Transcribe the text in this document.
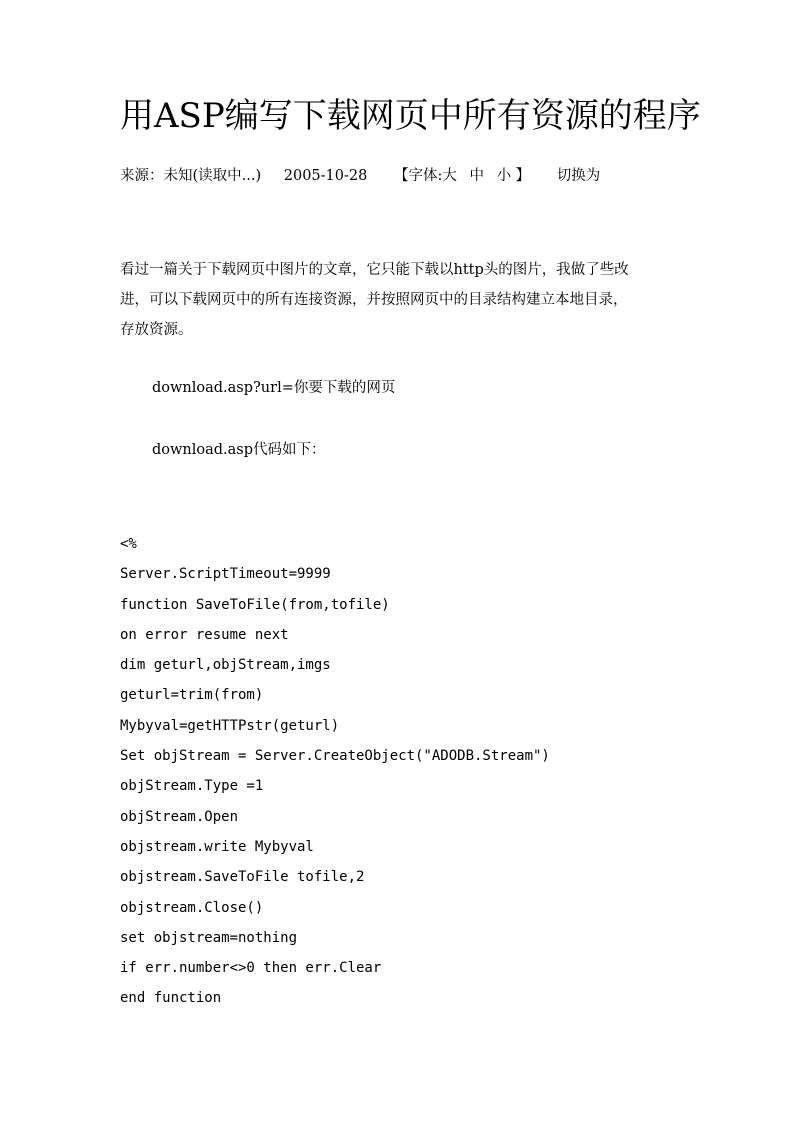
用ASP编写下载网页中所有资源的程序
来源：未知(读取中...) 2005-10-28 【字体:大 中 小 】 切换为
看过一篇关于下载网页中图片的文章，它只能下载以http头的图片，我做了些改
进，可以下载网页中的所有连接资源，并按照网页中的目录结构建立本地目录，
存放资源。
download.asp?url=你要下载的网页
download.asp代码如下：
<%
Server.ScriptTimeout=9999
function SaveToFile(from,tofile)
on error resume next
dim geturl,objStream,imgs
geturl=trim(from)
Mybyval=getHTTPstr(geturl)
Set objStream = Server.CreateObject("ADODB.Stream")
objStream.Type =1
objStream.Open
objstream.write Mybyval
objstream.SaveToFile tofile,2
objstream.Close()
set objstream=nothing
if err.number<>0 then err.Clear
end function
